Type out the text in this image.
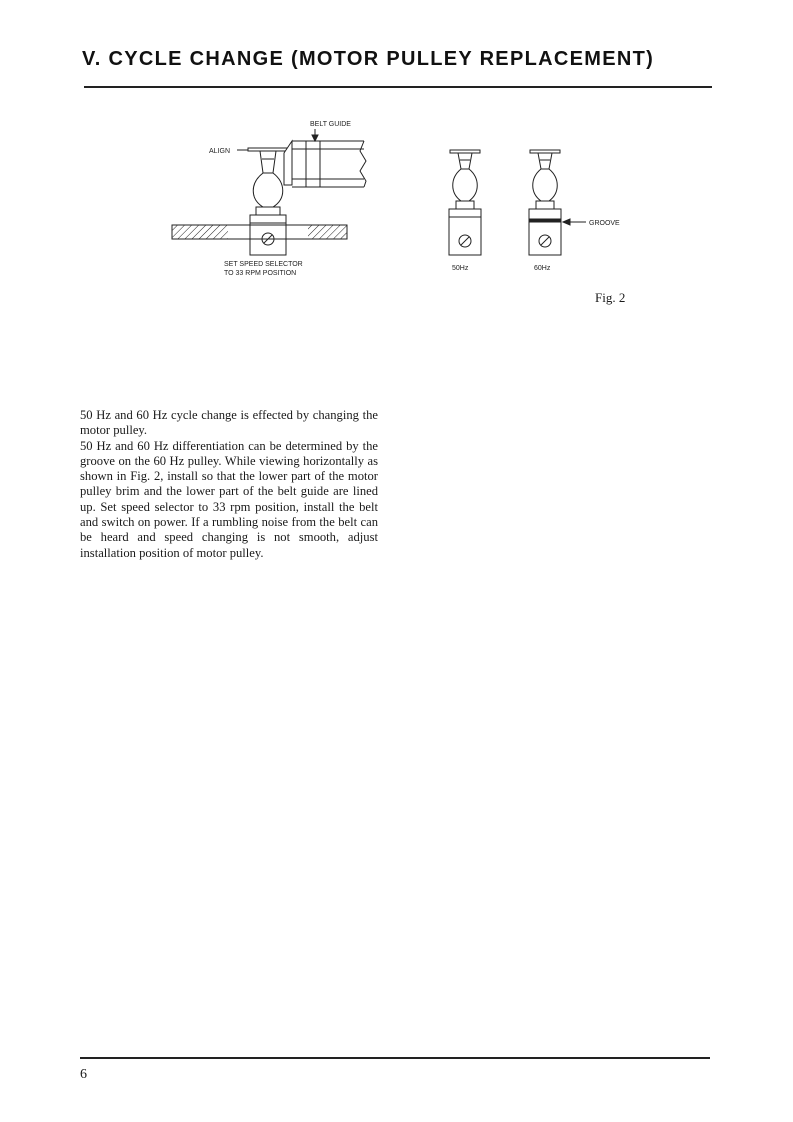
V. CYCLE CHANGE (MOTOR PULLEY REPLACEMENT)
BELT GUIDE
ALIGN
SET SPEED SELECTOR
TO 33 RPM POSITION
50Hz
GROOVE
60Hz
Fig. 2

50 Hz and 60 Hz cycle change is effected by changing the motor pulley.

50 Hz and 60 Hz differentiation can be determined by the groove on the 60 Hz pulley. While viewing horizontally as shown in Fig. 2, install so that the lower part of the motor pulley brim and the lower part of the belt guide are lined up. Set speed selector to 33 rpm position, install the belt and switch on power. If a rumbling noise from the belt can be heard and speed changing is not smooth, adjust installation position of motor pulley.

6
